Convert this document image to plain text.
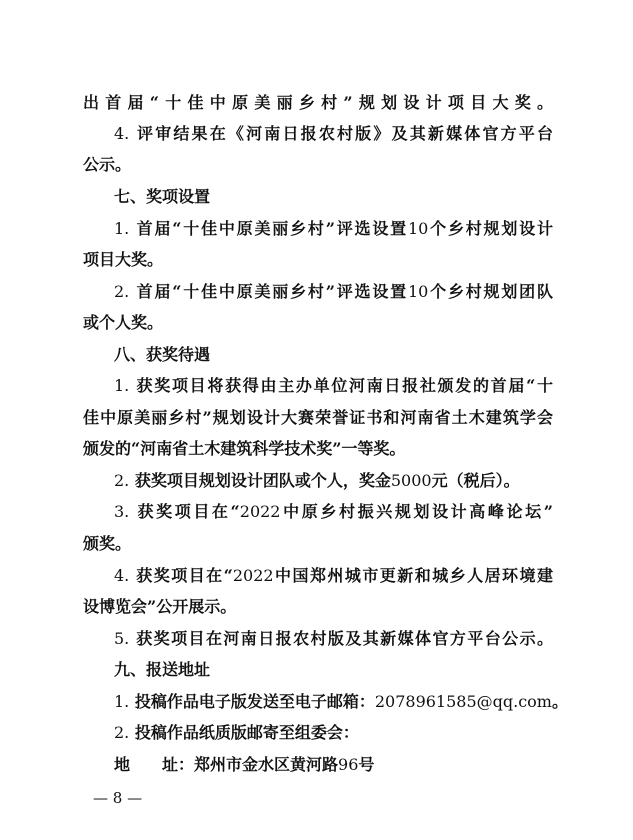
出首届“十佳中原美丽乡村”规划设计项目大奖。
4. 评审结果在《河南日报农村版》及其新媒体官方平台
公示。
七、奖项设置
1. 首届“十佳中原美丽乡村”评选设置10个乡村规划设计
项目大奖。
2. 首届“十佳中原美丽乡村”评选设置10个乡村规划团队
或个人奖。
八、获奖待遇
1. 获奖项目将获得由主办单位河南日报社颁发的首届“十
佳中原美丽乡村”规划设计大赛荣誉证书和河南省土木建筑学会
颁发的“河南省土木建筑科学技术奖”一等奖。
2. 获奖项目规划设计团队或个人，奖金5000元（税后）。
3. 获奖项目在“2022中原乡村振兴规划设计高峰论坛”
颁奖。
4. 获奖项目在“2022中国郑州城市更新和城乡人居环境建
设博览会”公开展示。
5. 获奖项目在河南日报农村版及其新媒体官方平台公示。
九、报送地址
1. 投稿作品电子版发送至电子邮箱：2078961585@qq.com。
2. 投稿作品纸质版邮寄至组委会：
地　　址：郑州市金水区黄河路96号
— 8 —
